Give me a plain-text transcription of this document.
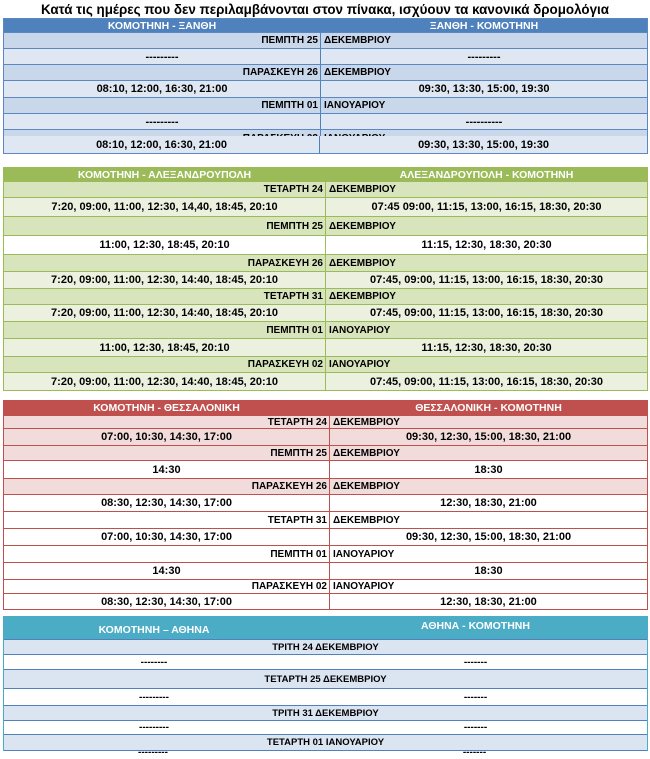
Κατά τις ημέρες που δεν περιλαμβάνονται στον πίνακα, ισχύουν τα κανονικά δρομολόγια
ΚΟΜΟΤΗΝΗ - ΞΑΝΘΗ	ΞΑΝΘΗ - ΚΟΜΟΤΗΝΗ
ΠΕΜΠΤΗ 25 ΔΕΚΕΜΒΡΙΟΥ
---------	---------
ΠΑΡΑΣΚΕΥΗ 26 ΔΕΚΕΜΒΡΙΟΥ
08:10, 12:00, 16:30, 21:00	09:30, 13:30, 15:00, 19:30
ΠΕΜΠΤΗ 01 ΙΑΝΟΥΑΡΙΟΥ
---------	----------
08:10, 12:00, 16:30, 21:00	09:30, 13:30, 15:00, 19:30
ΚΟΜΟΤΗΝΗ - ΑΛΕΞΑΝΔΡΟΥΠΟΛΗ	ΑΛΕΞΑΝΔΡΟΥΠΟΛΗ - ΚΟΜΟΤΗΝΗ
ΤΕΤΑΡΤΗ 24 ΔΕΚΕΜΒΡΙΟΥ
7:20, 09:00, 11:00, 12:30, 14,40, 18:45, 20:10	07:45 09:00, 11:15, 13:00, 16:15, 18:30, 20:30
ΠΕΜΠΤΗ 25 ΔΕΚΕΜΒΡΙΟΥ
11:00, 12:30, 18:45, 20:10	11:15, 12:30, 18:30, 20:30
ΠΑΡΑΣΚΕΥΗ 26 ΔΕΚΕΜΒΡΙΟΥ
7:20, 09:00, 11:00, 12:30, 14:40, 18:45, 20:10	07:45, 09:00, 11:15, 13:00, 16:15, 18:30, 20:30
ΤΕΤΑΡΤΗ 31 ΔΕΚΕΜΒΡΙΟΥ
7:20, 09:00, 11:00, 12:30, 14:40, 18:45, 20:10	07:45, 09:00, 11:15, 13:00, 16:15, 18:30, 20:30
ΠΕΜΠΤΗ 01 ΙΑΝΟΥΑΡΙΟΥ
11:00, 12:30, 18:45, 20:10	11:15, 12:30, 18:30, 20:30
ΠΑΡΑΣΚΕΥΗ 02 ΙΑΝΟΥΑΡΙΟΥ
7:20, 09:00, 11:00, 12:30, 14:40, 18:45, 20:10	07:45, 09:00, 11:15, 13:00, 16:15, 18:30, 20:30
ΚΟΜΟΤΗΝΗ - ΘΕΣΣΑΛΟΝΙΚΗ	ΘΕΣΣΑΛΟΝΙΚΗ - ΚΟΜΟΤΗΝΗ
ΤΕΤΑΡΤΗ 24 ΔΕΚΕΜΒΡΙΟΥ
07:00, 10:30, 14:30, 17:00	09:30, 12:30, 15:00, 18:30, 21:00
ΠΕΜΠΤΗ 25 ΔΕΚΕΜΒΡΙΟΥ
14:30	18:30
ΠΑΡΑΣΚΕΥΗ 26 ΔΕΚΕΜΒΡΙΟΥ
08:30, 12:30, 14:30, 17:00	12:30, 18:30, 21:00
ΤΕΤΑΡΤΗ 31 ΔΕΚΕΜΒΡΙΟΥ
07:00, 10:30, 14:30, 17:00	09:30, 12:30, 15:00, 18:30, 21:00
ΠΕΜΠΤΗ 01 ΙΑΝΟΥΑΡΙΟΥ
14:30	18:30
ΠΑΡΑΣΚΕΥΗ 02 ΙΑΝΟΥΑΡΙΟΥ
08:30, 12:30, 14:30, 17:00	12:30, 18:30, 21:00
ΚΟΜΟΤΗΝΗ – ΑΘΗΝΑ	ΑΘΗΝΑ - ΚΟΜΟΤΗΝΗ
ΤΡΙΤΗ 24 ΔΕΚΕΜΒΡΙΟΥ
--------	-------
ΤΕΤΑΡΤΗ 25 ΔΕΚΕΜΒΡΙΟΥ
---------	-------
ΤΡΙΤΗ 31 ΔΕΚΕΜΒΡΙΟΥ
---------	-------
ΤΕΤΑΡΤΗ 01 ΙΑΝΟΥΑΡΙΟΥ
---------	-------
